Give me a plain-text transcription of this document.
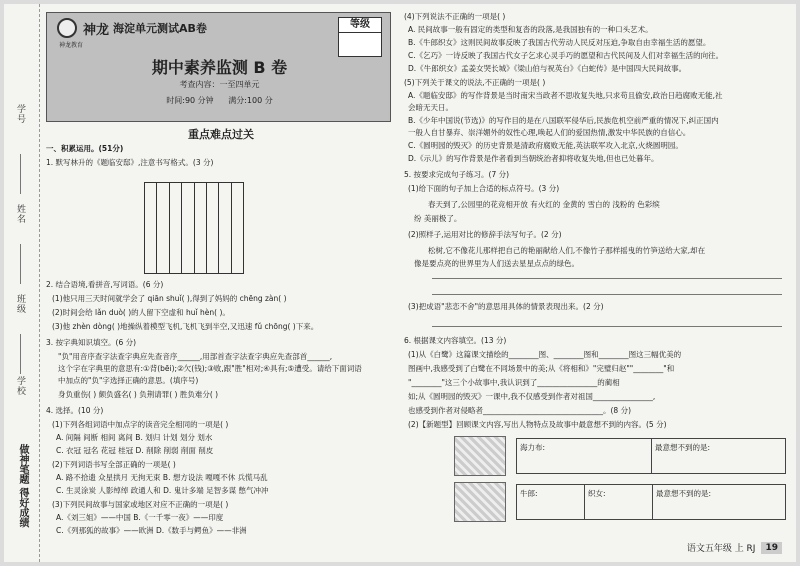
学号
姓名
班级
学校
做神笔题 得好成绩
神龙 海淀单元测试AB卷
神龙教育
等级
期中素养监测 B 卷
考查内容：一至四单元
时间:90 分钟 满分:100 分
重点难点过关
一、积累运用。(51分)
1. 默写林升的《题临安邸》,注意书写格式。(3 分)
2. 结合语境,看拼音,写词语。(6 分)
(1)他只用三天时间就学会了 qiān shuǐ( ),得到了妈妈的 chēng zàn( )
(2)时间会给 lǎn duò( )的人留下空虚和 huǐ hèn( )。
(3)他 zhèn dòng( )地操纵着模型飞机,飞机飞到半空,又迅速 fǔ chōng( )下来。
3. 按字典知识填空。(6 分)
"负"用音序查字法查字典应先查音序______,用部首查字法查字典应先查部首______,
这个字在字典里的意思有:①背(bēi);②欠(钱);③败,跟"胜"相对;④具有;⑤遭受。请给下面词语
中加点的"负"字选择正确的意思。(填序号)
身负重伤( ) 颇负盛名( ) 负荆请罪( ) 胜负难分( )
4. 选择。(10 分)
(1)下列各组词语中加点字的读音完全相同的一项是( )
A. 间隔 间断 相间 离间 B. 划归 计划 划分 划水
C. 衣冠 冠名 花冠 桂冠 D. 削除 削弱 削面 削皮
(2)下列词语书写全部正确的一项是( )
A. 路不拾遗 众星拱月 无拘无束 B. 想方设法 嘎嘎不休 兵慌马乱
C. 生灵涂炭 人影绰绰 政通人和 D. 鬼计多端 足智多谋 憋气冲冲
(3)下列民间故事与国家或地区对应不正确的一项是( )
A.《刘三姐》——中国 B.《一千零一夜》——印度
C.《列那狐的故事》——欧洲 D.《数手与鳄鱼》——非洲
(4)下列说法不正确的一项是( )
A. 民间故事一般有固定的类型和复沓的段落,是我国独有的一种口头艺术。
B.《牛郎织女》这则民间故事反映了我国古代劳动人民反对压迫,争取自由幸福生活的愿望。
C.《乞巧》一诗反映了我国古代女子乞求心灵手巧的愿望和古代民间及人们对幸福生活的向往。
D.《牛郎织女》孟姜女哭长城》《梁山伯与祝英台》《白蛇传》是中国四大民间故事。
(5)下列关于课文的说法,不正确的一项是( )
A.《题临安邸》的写作背景是当时南宋当政者不思收复失地,只求苟且偷安,政治日趋腐败无能,社
会暗无天日。
B.《少年中国说(节选)》的写作目的是在八国联军侵华后,民族危机空前严重的情况下,纠正国内
一般人自甘暴弃、崇洋媚外的奴性心理,唤起人们的爱国热情,激发中华民族的自信心。
C.《圆明园的毁灭》的历史背景是清政府腐败无能,英法联军攻入北京,火烧圆明园。
D.《示儿》的写作背景是作者看到当朝统治者抑将收复失地,但也已处暮年。
5. 按要求完成句子练习。(7 分)
(1)给下面的句子加上合适的标点符号。(3 分)
春天到了,公园里的花竞相开放 有火红的 金黄的 雪白的 浅粉的 色彩缤
纷 美丽极了。
(2)照样子,运用对比的修辞手法写句子。(2 分)
松树,它不像花儿那样把自己的艳丽献给人们,不像竹子那样摇曳的竹笋送给大家,却在
像是要点亮的世界里为人们送去星星点点的绿色。
(3)把成语"悲恋不舍"的意思用具体的情景表现出来。(2 分)
6. 根据课文内容填空。(13 分)
(1)从《白鹭》这篇课文描绘的________图、________图和________图这三幅优美的
图画中,我感受到了白鹭在不同场景中的美;从《将相和》"完璧归赵""________"和
"________"这三个小故事中,我认识到了________________的蔺相
如;从《圆明园的毁灭》一课中,我不仅感受到作者对祖国________________,
也感受到作者对侵略者________________________________。(8 分)
(2)【新题型】回顾课文内容,写出人物特点及故事中最意想不到的内容。(5 分)
海力布:	最意想不到的是:
牛郎:	织女:	最意想不到的是:
语文五年级 上 RJ	19
